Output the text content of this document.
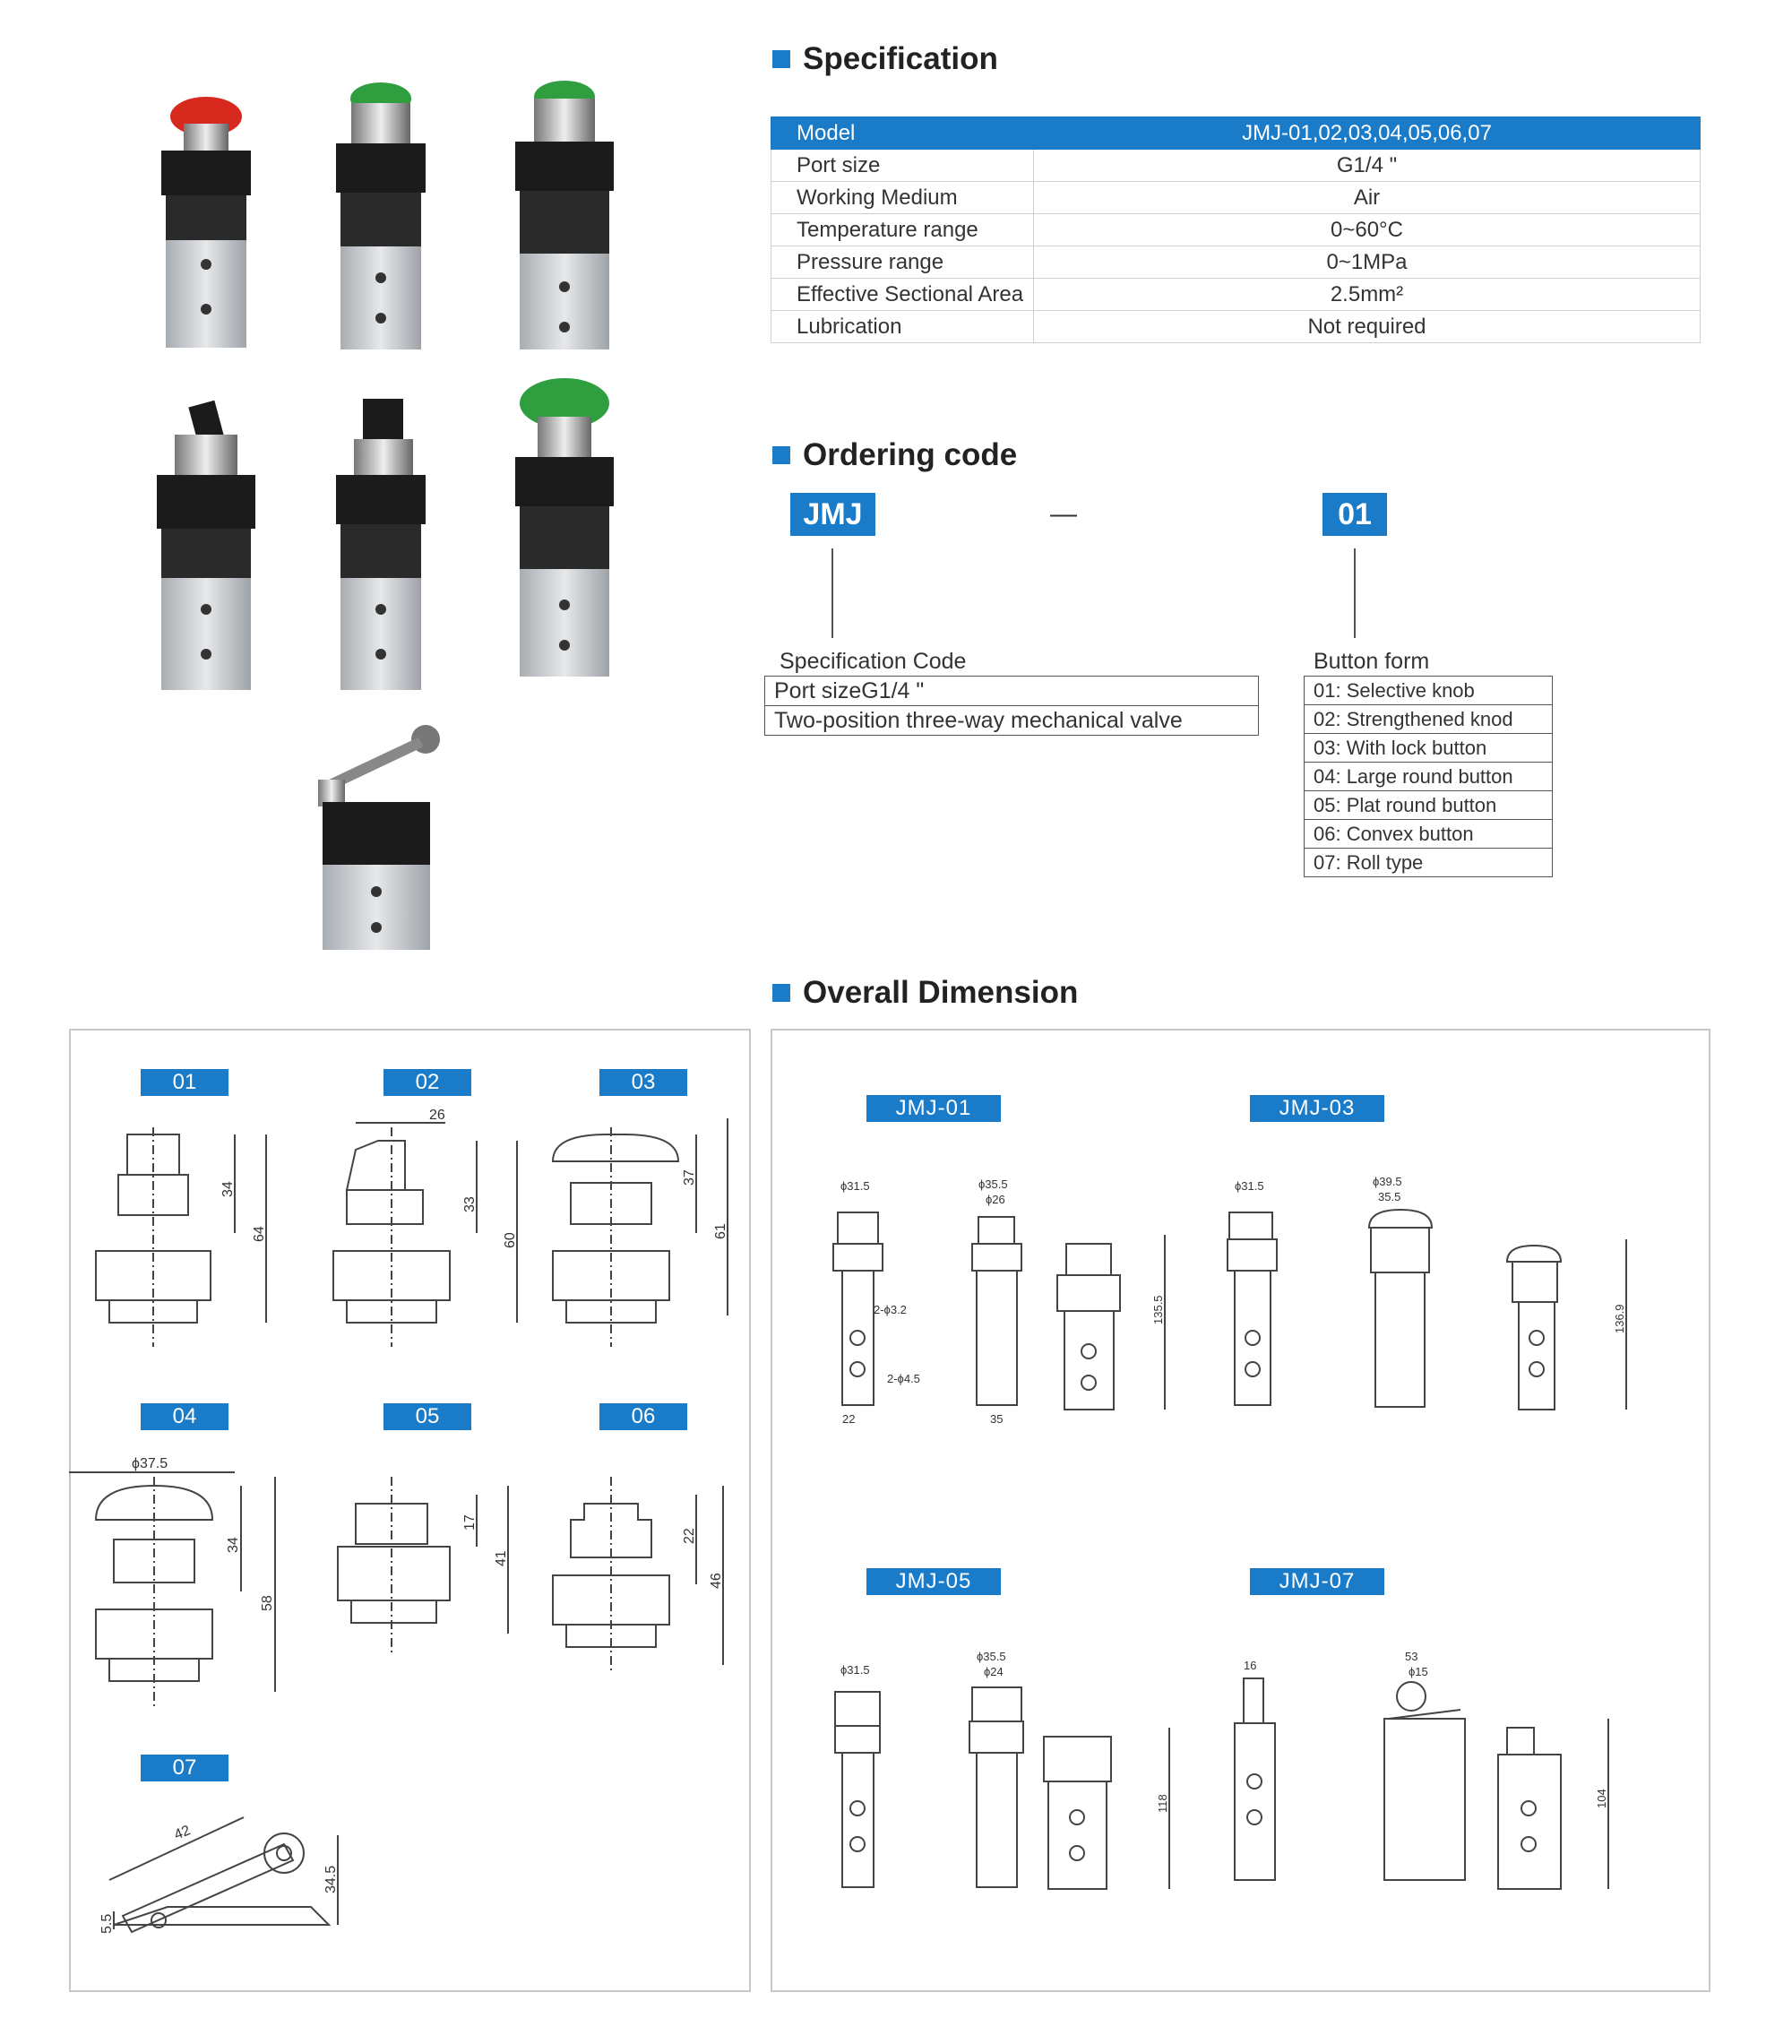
Specification
Model	JMJ-01,02,03,04,05,06,07
Port size	G1/4 "
Working Medium	Air
Temperature range	0~60°C
Pressure range	0~1MPa
Effective Sectional Area	2.5mm²
Lubrication	Not required
Ordering code
JMJ	—	01
Specification Code
Port sizeG1/4 "
Two-position three-way mechanical valve
Button form
01: Selective knob
02: Strengthened knod
03: With lock button
04: Large round button
05: Plat round button
06: Convex button
07: Roll type
Overall Dimension
01	02	03
04	05	06
07
34
64
26
33
60
37
61
ϕ37.5
34
58
17
41
22
46
42
34.5
5.5
JMJ-01	JMJ-03
JMJ-05	JMJ-07
ϕ31.5
2-ϕ3.2
22
ϕ35.5
ϕ26
2-ϕ4.5
35
135.5
ϕ31.5	ϕ39.5
35.5
136.9
ϕ31.5
ϕ35.5
ϕ24
118
16
53
ϕ15
104
